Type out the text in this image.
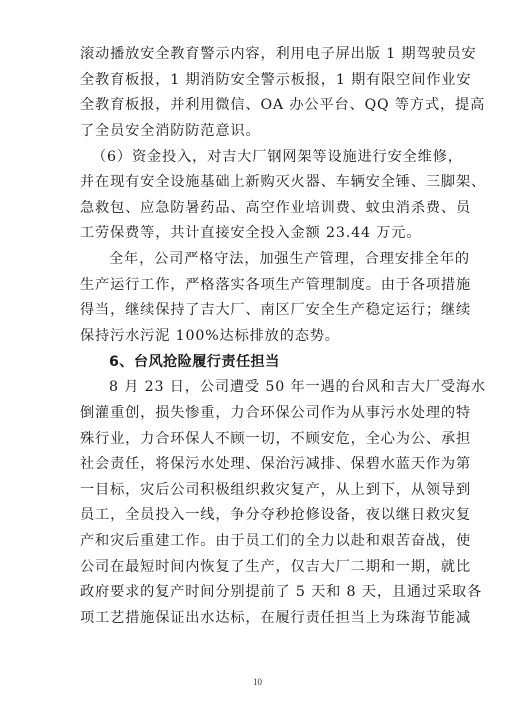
滚动播放安全教育警示内容，利用电子屏出版 1 期驾驶员安
全教育板报，1 期消防安全警示板报，1 期有限空间作业安
全教育板报，并利用微信、OA 办公平台、QQ 等方式，提高
了全员安全消防防范意识。
（6）资金投入，对吉大厂钢网架等设施进行安全维修，
并在现有安全设施基础上新购灭火器、车辆安全锤、三脚架、
急救包、应急防暑药品、高空作业培训费、蚊虫消杀费、员
工劳保费等，共计直接安全投入金额 23.44 万元。
全年，公司严格守法，加强生产管理，合理安排全年的
生产运行工作，严格落实各项生产管理制度。由于各项措施
得当，继续保持了吉大厂、南区厂安全生产稳定运行；继续
保持污水污泥 100%达标排放的态势。
6、台风抢险履行责任担当
8 月 23 日，公司遭受 50 年一遇的台风和吉大厂受海水
倒灌重创，损失惨重，力合环保公司作为从事污水处理的特
殊行业，力合环保人不顾一切，不顾安危，全心为公、承担
社会责任，将保污水处理、保治污减排、保碧水蓝天作为第
一目标，灾后公司积极组织救灾复产，从上到下，从领导到
员工，全员投入一线，争分夺秒抢修设备，夜以继日救灾复
产和灾后重建工作。由于员工们的全力以赴和艰苦奋战，使
公司在最短时间内恢复了生产，仅吉大厂二期和一期，就比
政府要求的复产时间分别提前了 5 天和 8 天，且通过采取各
项工艺措施保证出水达标，在履行责任担当上为珠海节能减
10
